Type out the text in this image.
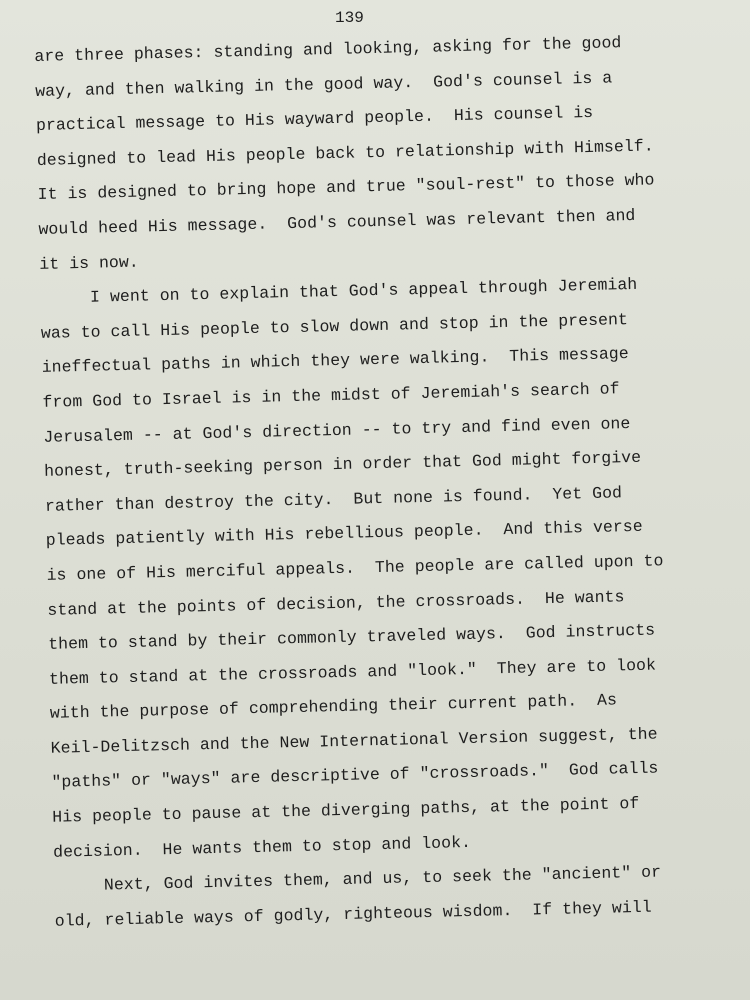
139
are three phases: standing and looking, asking for the good
way, and then walking in the good way.  God's counsel is a
practical message to His wayward people.  His counsel is
designed to lead His people back to relationship with Himself.
It is designed to bring hope and true "soul-rest" to those who
would heed His message.  God's counsel was relevant then and
it is now.
I went on to explain that God's appeal through Jeremiah
was to call His people to slow down and stop in the present
ineffectual paths in which they were walking.  This message
from God to Israel is in the midst of Jeremiah's search of
Jerusalem -- at God's direction -- to try and find even one
honest, truth-seeking person in order that God might forgive
rather than destroy the city.  But none is found.  Yet God
pleads patiently with His rebellious people.  And this verse
is one of His merciful appeals.  The people are called upon to
stand at the points of decision, the crossroads.  He wants
them to stand by their commonly traveled ways.  God instructs
them to stand at the crossroads and "look."  They are to look
with the purpose of comprehending their current path.  As
Keil-Delitzsch and the New International Version suggest, the
"paths" or "ways" are descriptive of "crossroads."  God calls
His people to pause at the diverging paths, at the point of
decision.  He wants them to stop and look.
Next, God invites them, and us, to seek the "ancient" or
old, reliable ways of godly, righteous wisdom.  If they will
